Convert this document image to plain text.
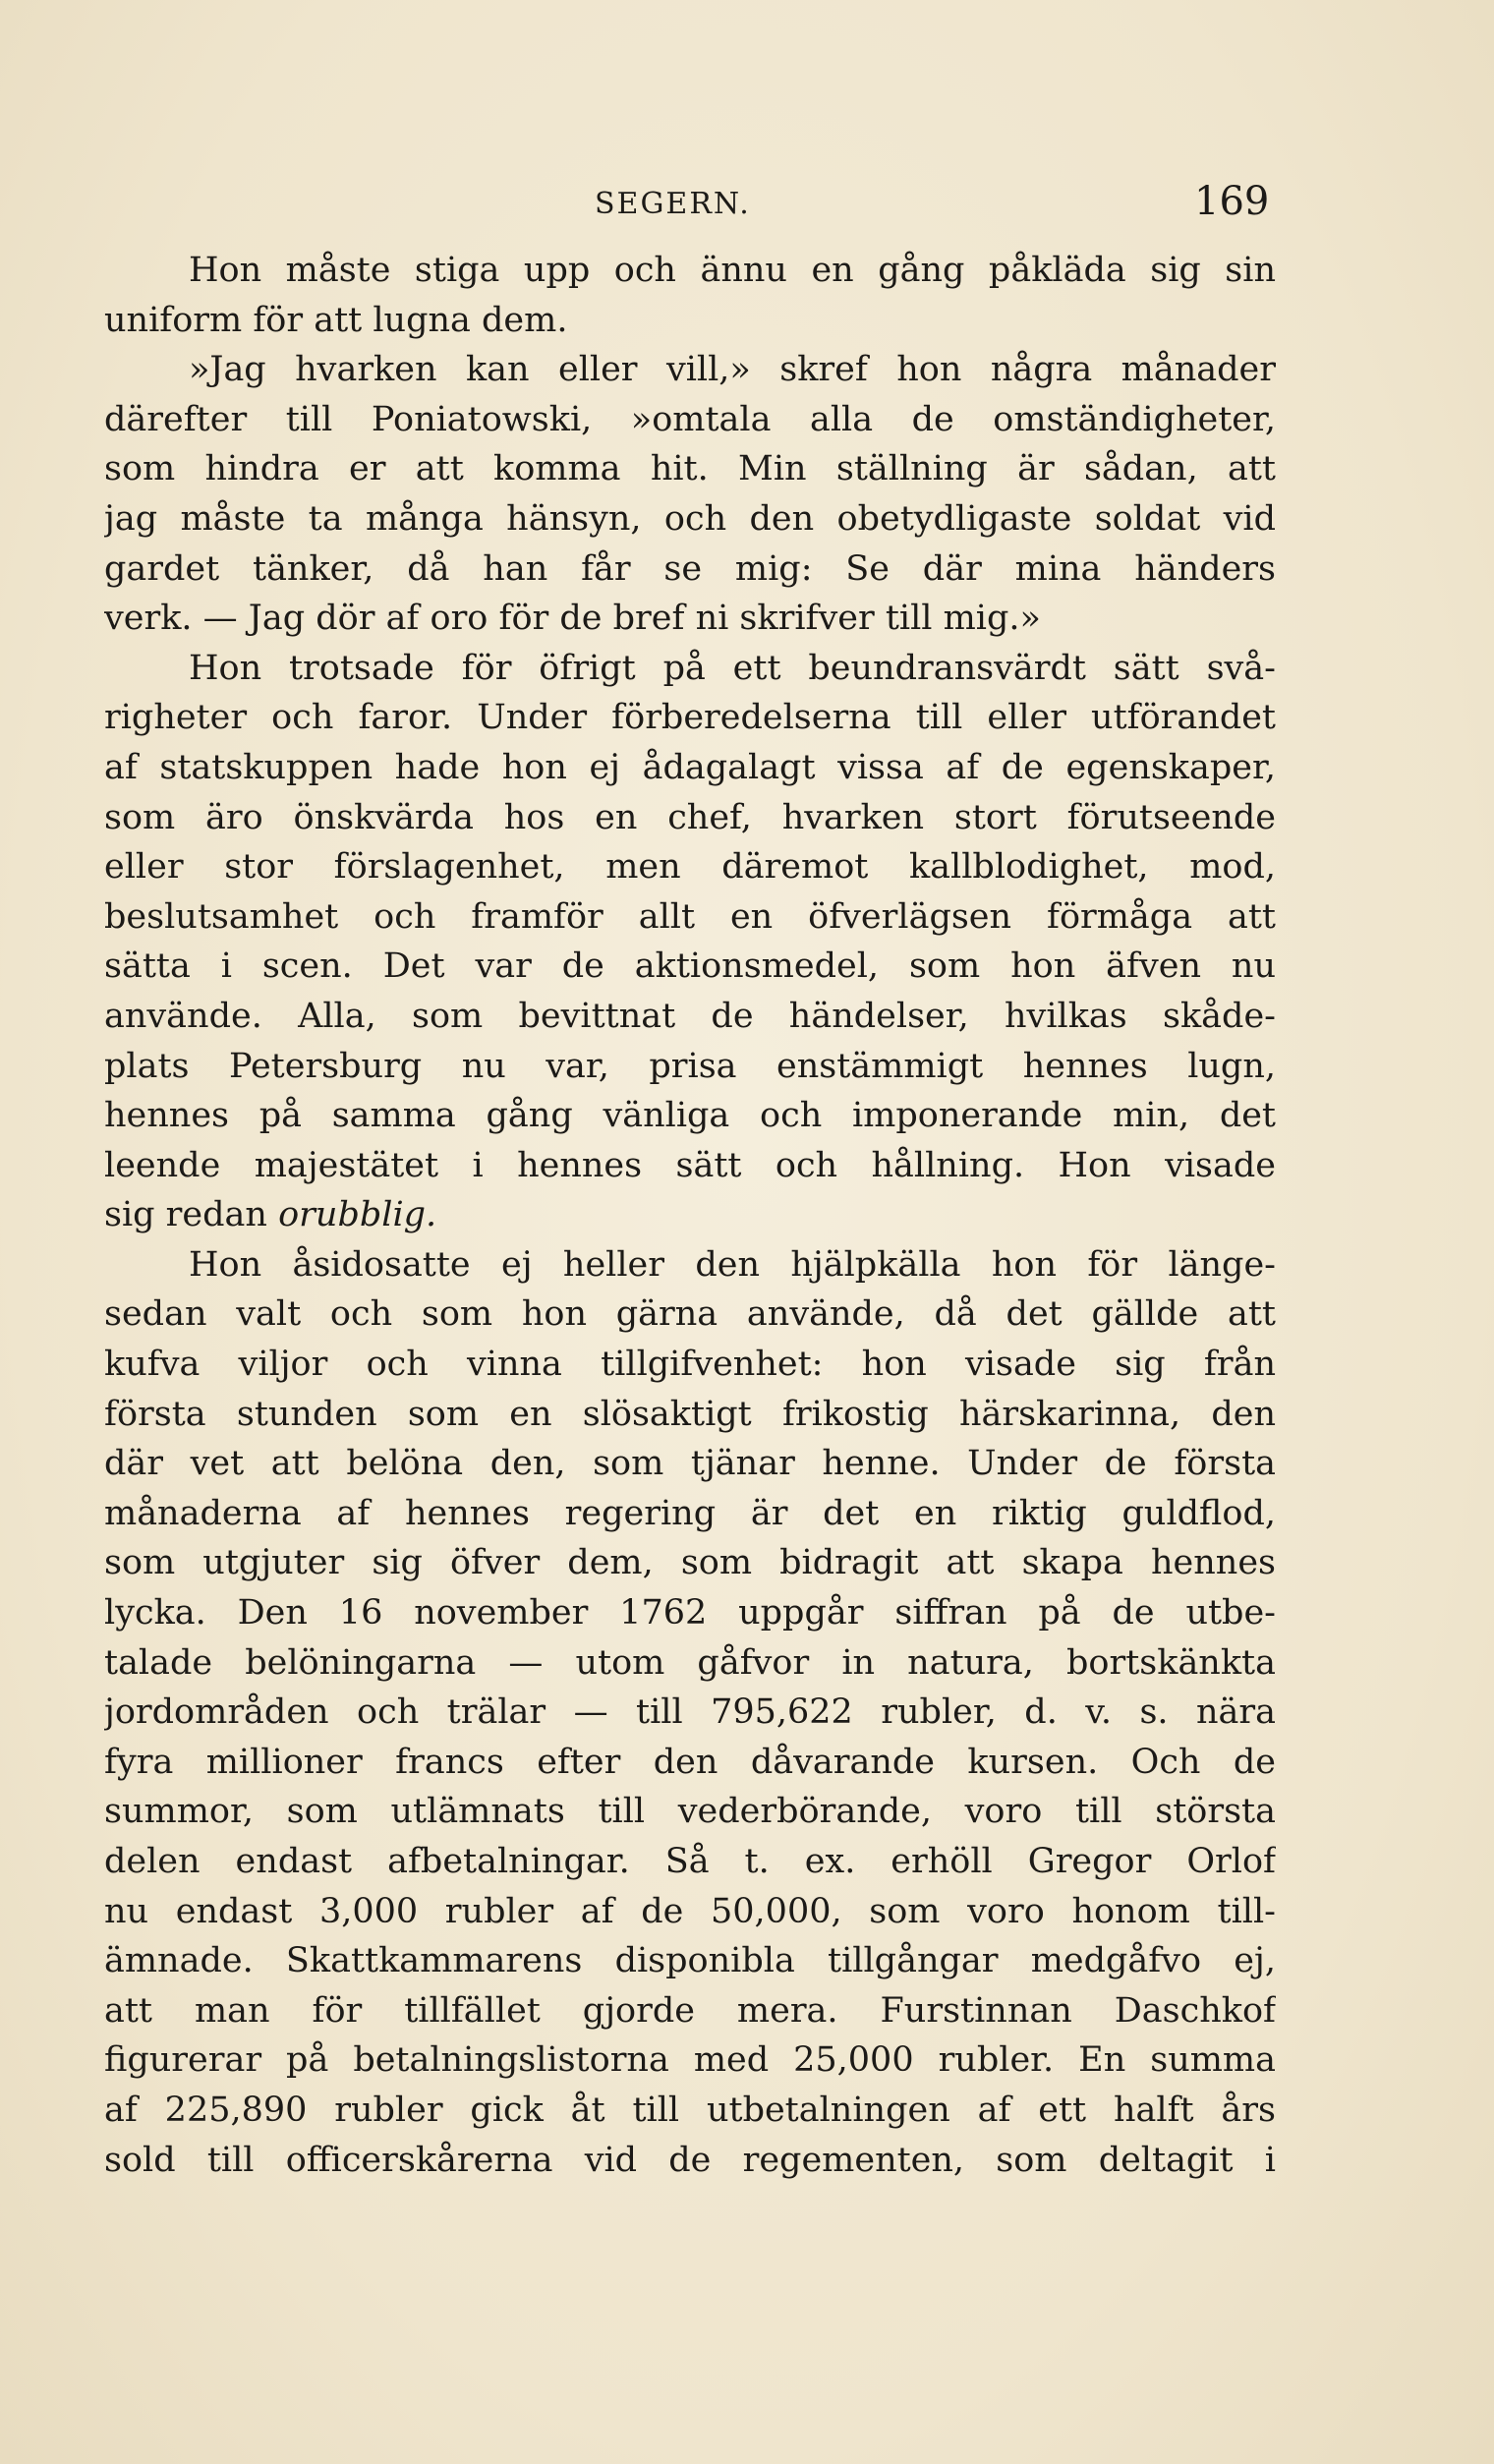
SEGERN.	169
Hon måste stiga upp och ännu en gång påkläda sig sin
uniform för att lugna dem.
»Jag hvarken kan eller vill,» skref hon några månader
därefter till Poniatowski, »omtala alla de omständigheter,
som hindra er att komma hit. Min ställning är sådan, att
jag måste ta många hänsyn, och den obetydligaste soldat vid
gardet tänker, då han får se mig: Se där mina händers
verk. — Jag dör af oro för de bref ni skrifver till mig.»
Hon trotsade för öfrigt på ett beundransvärdt sätt svå-
righeter och faror. Under förberedelserna till eller utförandet
af statskuppen hade hon ej ådagalagt vissa af de egenskaper,
som äro önskvärda hos en chef, hvarken stort förutseende
eller stor förslagenhet, men däremot kallblodighet, mod,
beslutsamhet och framför allt en öfverlägsen förmåga att
sätta i scen. Det var de aktionsmedel, som hon äfven nu
använde. Alla, som bevittnat de händelser, hvilkas skåde-
plats Petersburg nu var, prisa enstämmigt hennes lugn,
hennes på samma gång vänliga och imponerande min, det
leende majestätet i hennes sätt och hållning. Hon visade
sig redan orubblig.
Hon åsidosatte ej heller den hjälpkälla hon för länge-
sedan valt och som hon gärna använde, då det gällde att
kufva viljor och vinna tillgifvenhet: hon visade sig från
första stunden som en slösaktigt frikostig härskarinna, den
där vet att belöna den, som tjänar henne. Under de första
månaderna af hennes regering är det en riktig guldflod,
som utgjuter sig öfver dem, som bidragit att skapa hennes
lycka. Den 16 november 1762 uppgår siffran på de utbe-
talade belöningarna — utom gåfvor in natura, bortskänkta
jordområden och trälar — till 795,622 rubler, d. v. s. nära
fyra millioner francs efter den dåvarande kursen. Och de
summor, som utlämnats till vederbörande, voro till största
delen endast afbetalningar. Så t. ex. erhöll Gregor Orlof
nu endast 3,000 rubler af de 50,000, som voro honom till-
ämnade. Skattkammarens disponibla tillgångar medgåfvo ej,
att man för tillfället gjorde mera. Furstinnan Daschkof
figurerar på betalningslistorna med 25,000 rubler. En summa
af 225,890 rubler gick åt till utbetalningen af ett halft års
sold till officerskårerna vid de regementen, som deltagit i
